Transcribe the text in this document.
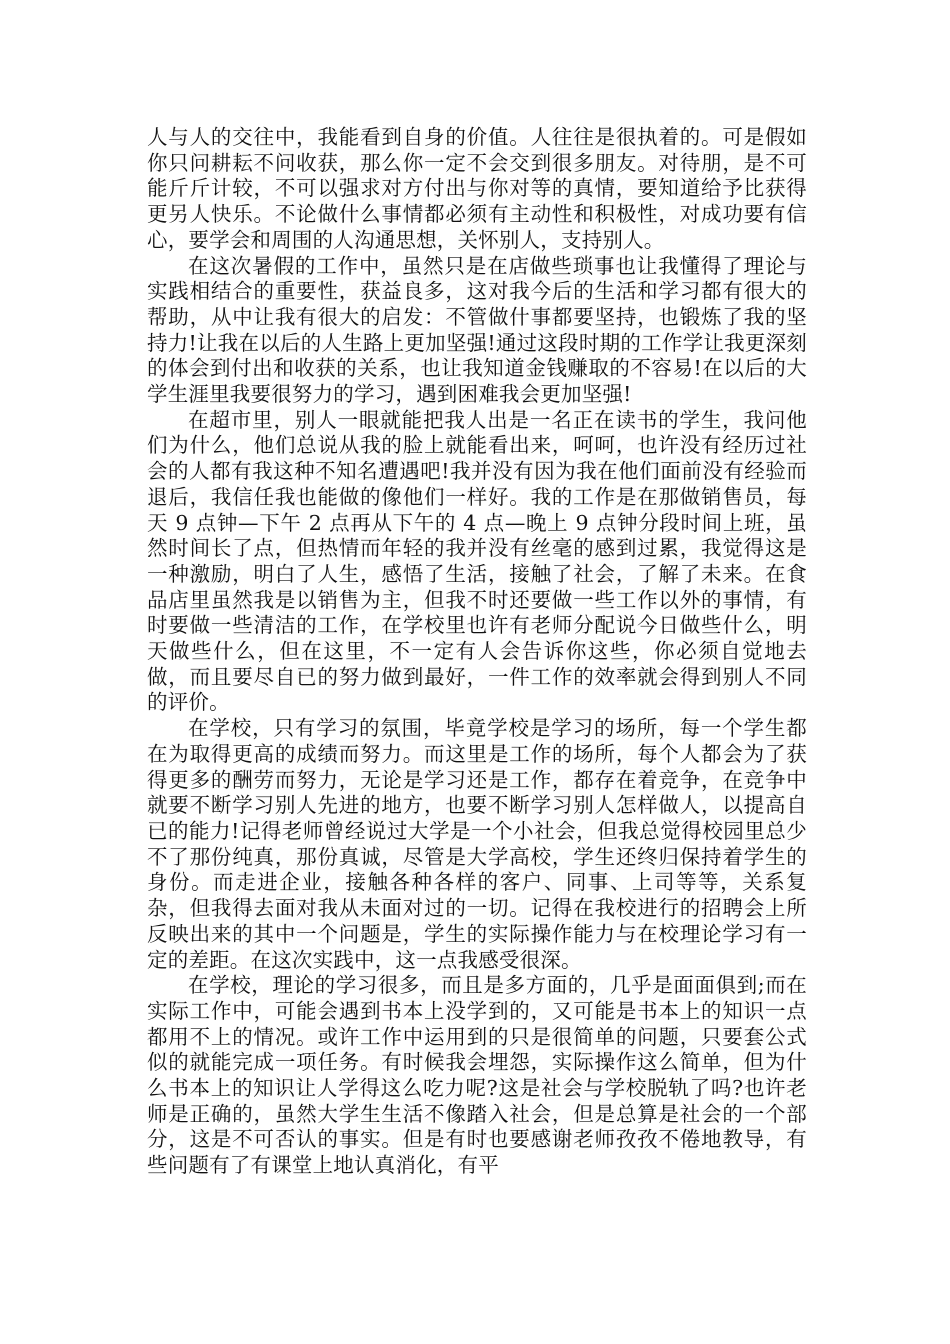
人与人的交往中，我能看到自身的价值。人往往是很执着的。可是假如你只问耕耘不问收获，那么你一定不会交到很多朋友。对待朋，是不可能斤斤计较，不可以强求对方付出与你对等的真情，要知道给予比获得更另人快乐。不论做什么事情都必须有主动性和积极性，对成功要有信心，要学会和周围的人沟通思想，关怀别人，支持别人。

在这次暑假的工作中，虽然只是在店做些琐事也让我懂得了理论与实践相结合的重要性，获益良多，这对我今后的生活和学习都有很大的帮助，从中让我有很大的启发：不管做什事都要坚持，也锻炼了我的坚持力!让我在以后的人生路上更加坚强!通过这段时期的工作学让我更深刻的体会到付出和收获的关系，也让我知道金钱赚取的不容易!在以后的大学生涯里我要很努力的学习，遇到困难我会更加坚强!

在超市里，别人一眼就能把我人出是一名正在读书的学生，我问他们为什么，他们总说从我的脸上就能看出来，呵呵，也许没有经历过社会的人都有我这种不知名遭遇吧!我并没有因为我在他们面前没有经验而退后，我信任我也能做的像他们一样好。我的工作是在那做销售员，每天 9 点钟—下午 2 点再从下午的 4 点—晚上 9 点钟分段时间上班，虽然时间长了点，但热情而年轻的我并没有丝毫的感到过累，我觉得这是一种激励，明白了人生，感悟了生活，接触了社会，了解了未来。在食品店里虽然我是以销售为主，但我不时还要做一些工作以外的事情，有时要做一些清洁的工作，在学校里也许有老师分配说今日做些什么，明天做些什么，但在这里，不一定有人会告诉你这些，你必须自觉地去做，而且要尽自已的努力做到最好，一件工作的效率就会得到别人不同的评价。

在学校，只有学习的氛围，毕竟学校是学习的场所，每一个学生都在为取得更高的成绩而努力。而这里是工作的场所，每个人都会为了获得更多的酬劳而努力，无论是学习还是工作，都存在着竞争，在竞争中就要不断学习别人先进的地方，也要不断学习别人怎样做人，以提高自已的能力!记得老师曾经说过大学是一个小社会，但我总觉得校园里总少不了那份纯真，那份真诚，尽管是大学高校，学生还终归保持着学生的身份。而走进企业，接触各种各样的客户、同事、上司等等，关系复杂，但我得去面对我从未面对过的一切。记得在我校进行的招聘会上所反映出来的其中一个问题是，学生的实际操作能力与在校理论学习有一定的差距。在这次实践中，这一点我感受很深。

在学校，理论的学习很多，而且是多方面的，几乎是面面俱到;而在实际工作中，可能会遇到书本上没学到的，又可能是书本上的知识一点都用不上的情况。或许工作中运用到的只是很简单的问题，只要套公式似的就能完成一项任务。有时候我会埋怨，实际操作这么简单，但为什么书本上的知识让人学得这么吃力呢?这是社会与学校脱轨了吗?也许老师是正确的，虽然大学生生活不像踏入社会，但是总算是社会的一个部分，这是不可否认的事实。但是有时也要感谢老师孜孜不倦地教导，有些问题有了有课堂上地认真消化，有平
